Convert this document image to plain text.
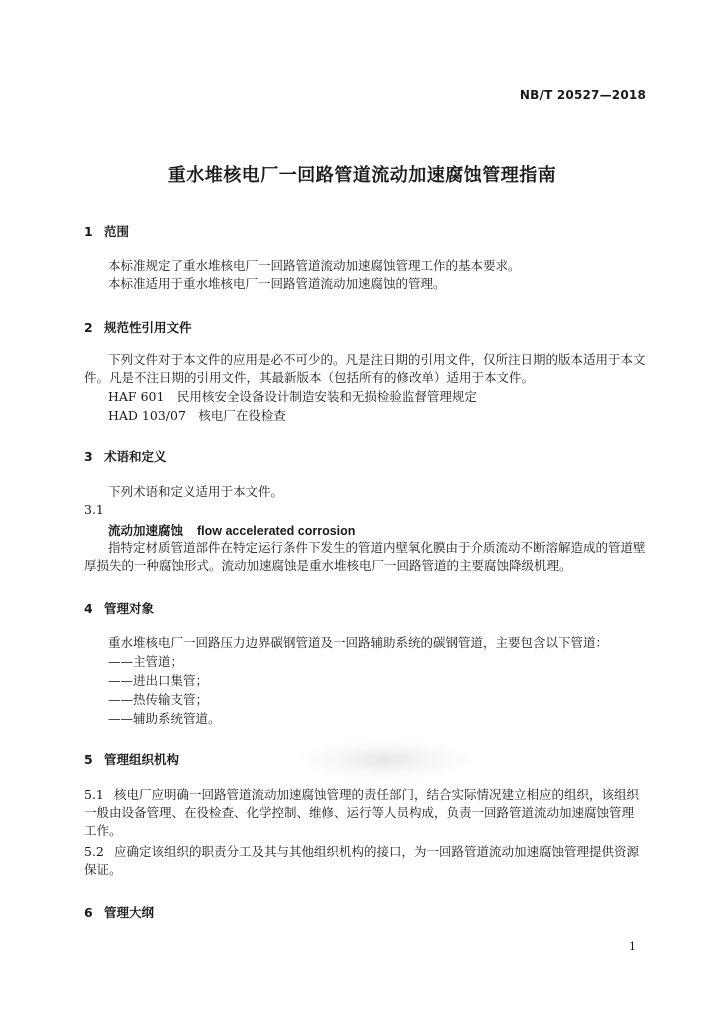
NB/T 20527—2018
重水堆核电厂一回路管道流动加速腐蚀管理指南
1 范围
本标准规定了重水堆核电厂一回路管道流动加速腐蚀管理工作的基本要求。
本标准适用于重水堆核电厂一回路管道流动加速腐蚀的管理。
2 规范性引用文件
下列文件对于本文件的应用是必不可少的。凡是注日期的引用文件，仅所注日期的版本适用于本文件。凡是不注日期的引用文件，其最新版本（包括所有的修改单）适用于本文件。
HAF 601　民用核安全设备设计制造安装和无损检验监督管理规定
HAD 103/07　核电厂在役检查
3 术语和定义
下列术语和定义适用于本文件。
3.1
流动加速腐蚀 flow accelerated corrosion
指特定材质管道部件在特定运行条件下发生的管道内壁氧化膜由于介质流动不断溶解造成的管道壁厚损失的一种腐蚀形式。流动加速腐蚀是重水堆核电厂一回路管道的主要腐蚀降级机理。
4 管理对象
重水堆核电厂一回路压力边界碳钢管道及一回路辅助系统的碳钢管道，主要包含以下管道：
——主管道；
——进出口集管；
——热传输支管；
——辅助系统管道。
5 管理组织机构
5.1 核电厂应明确一回路管道流动加速腐蚀管理的责任部门，结合实际情况建立相应的组织，该组织一般由设备管理、在役检查、化学控制、维修、运行等人员构成，负责一回路管道流动加速腐蚀管理工作。
5.2 应确定该组织的职责分工及其与其他组织机构的接口，为一回路管道流动加速腐蚀管理提供资源保证。
6 管理大纲
1
